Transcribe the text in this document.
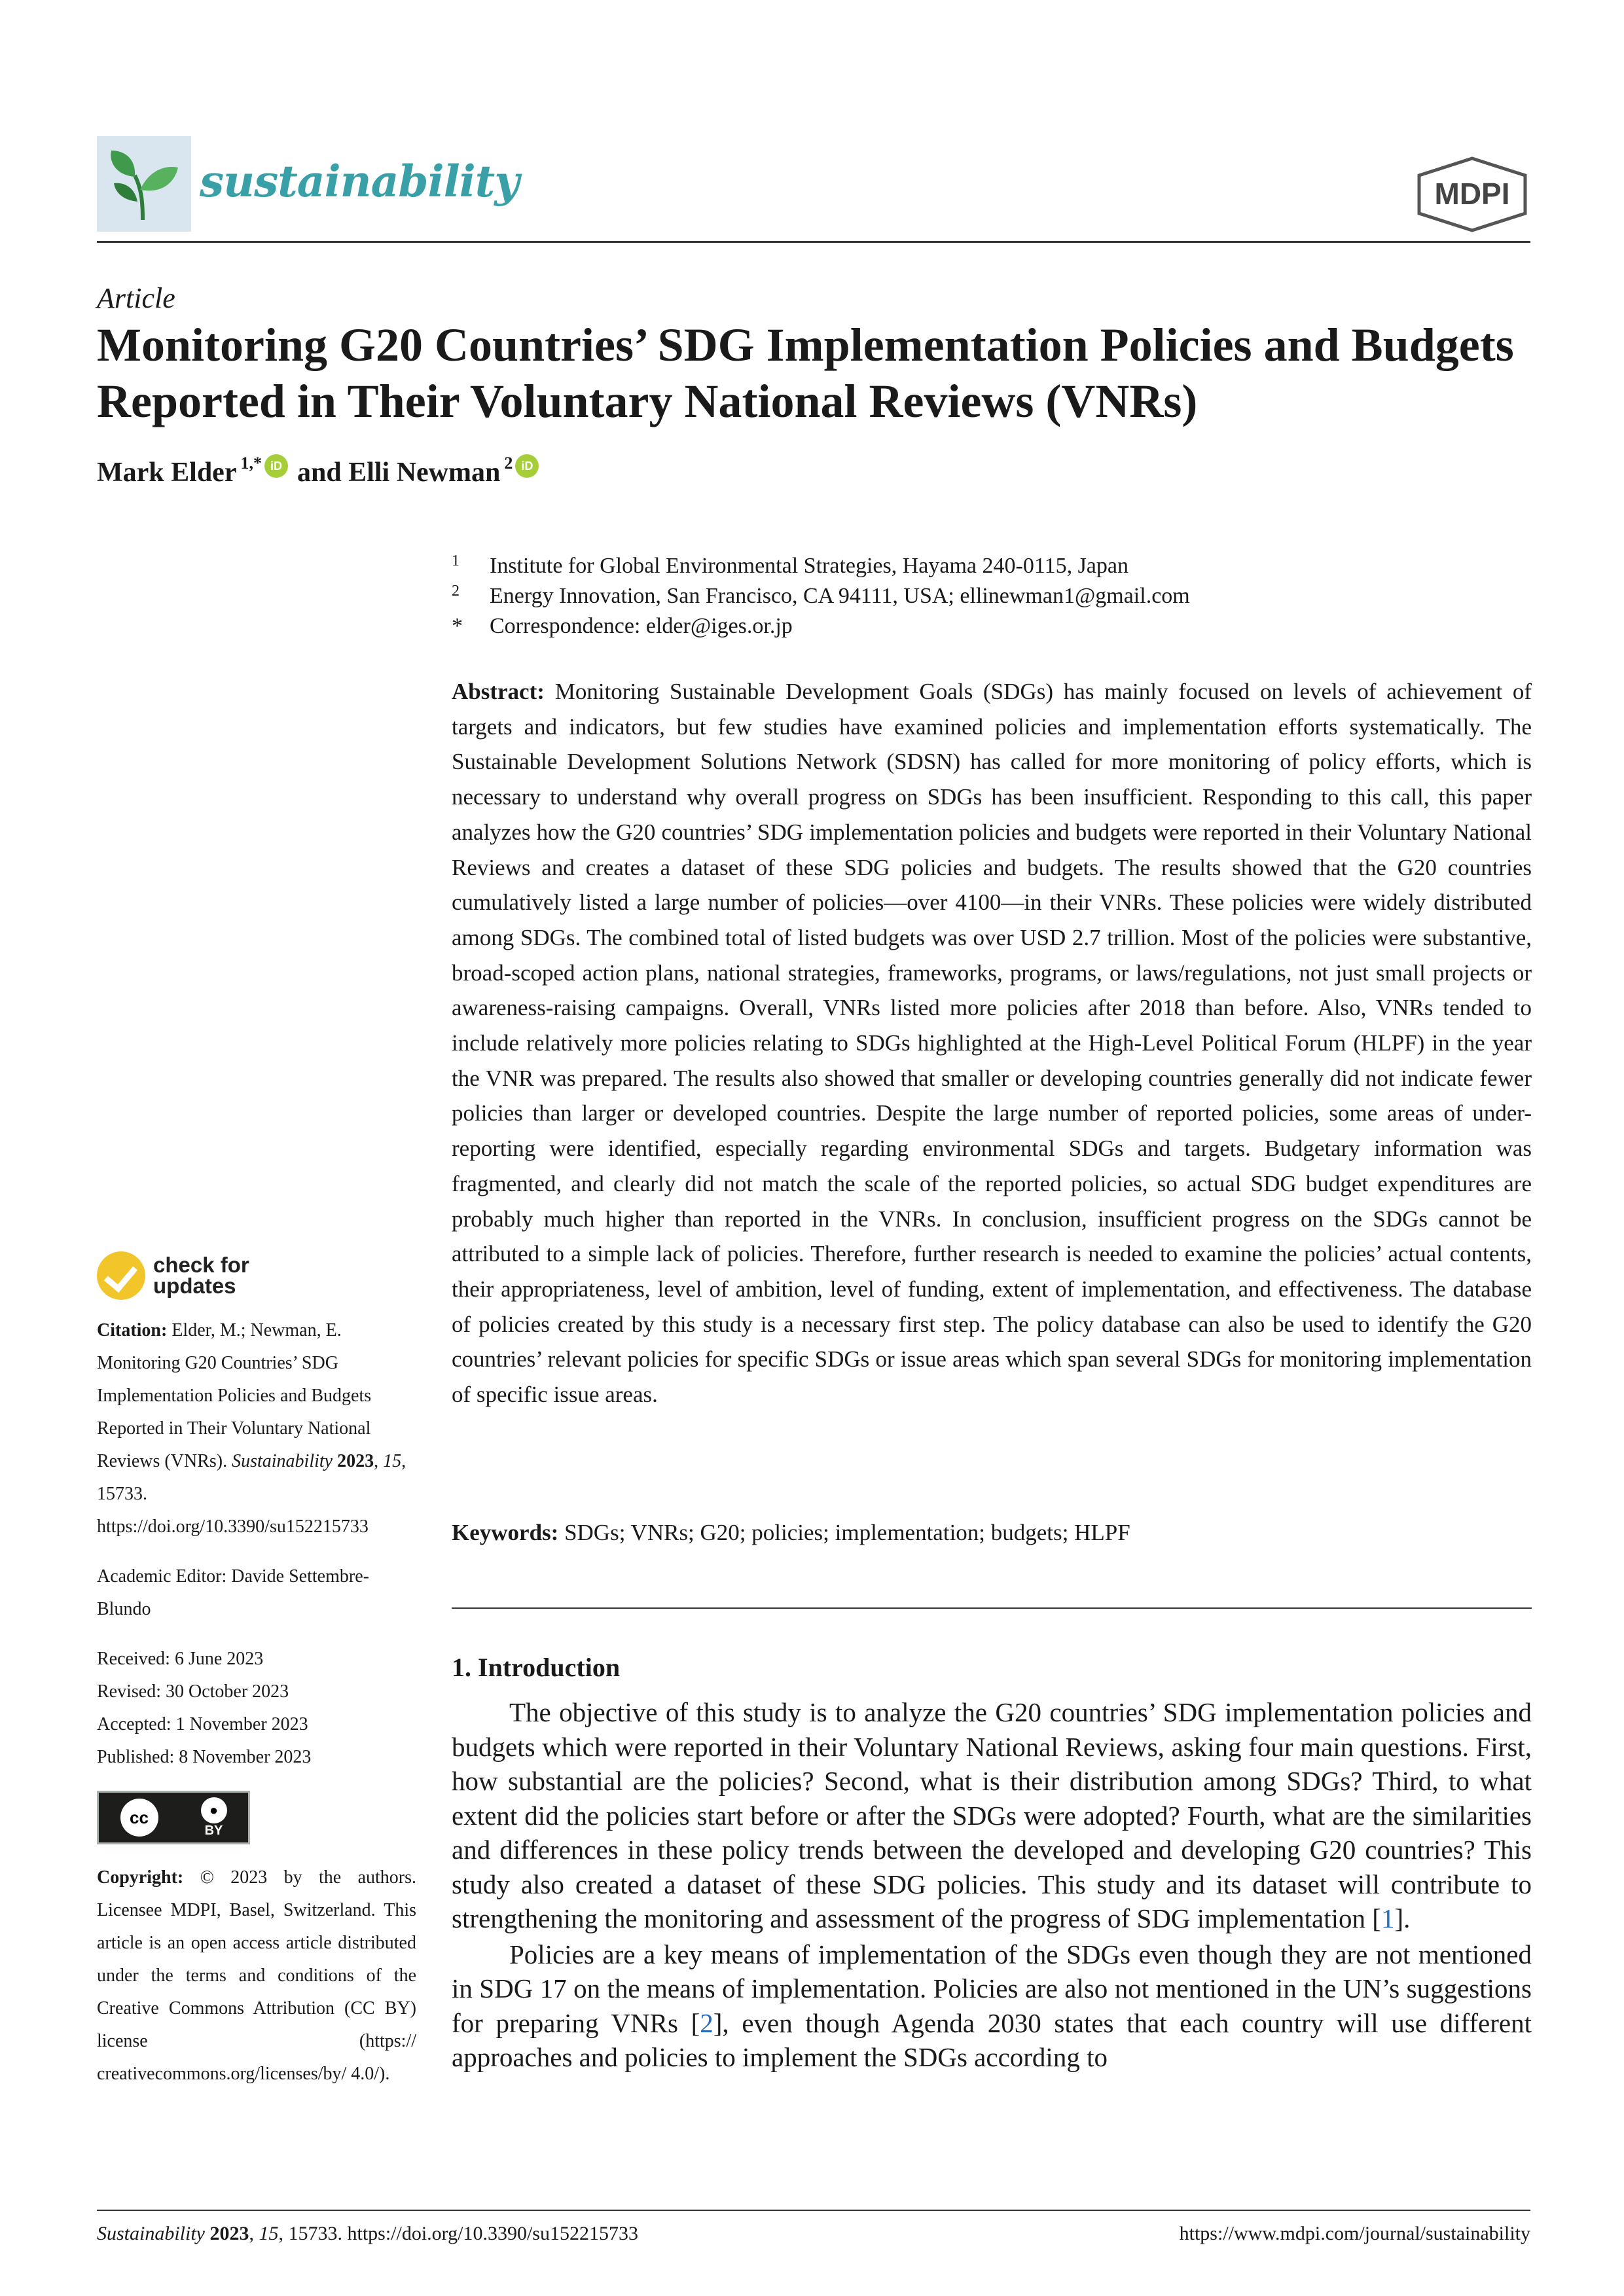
sustainability	MDPI
Article
Monitoring G20 Countries’ SDG Implementation Policies and Budgets Reported in Their Voluntary National Reviews (VNRs)
Mark Elder$^{1,*}$ iD and Elli Newman$^2$ iD
1	Institute for Global Environmental Strategies, Hayama 240-0115, Japan
2	Energy Innovation, San Francisco, CA 94111, USA; ellinewman1@gmail.com
*	Correspondence: elder@iges.or.jp
Abstract: Monitoring Sustainable Development Goals (SDGs) has mainly focused on levels of achievement of targets and indicators, but few studies have examined policies and implementation efforts systematically. The Sustainable Development Solutions Network (SDSN) has called for more monitoring of policy efforts, which is necessary to understand why overall progress on SDGs has been insufficient. Responding to this call, this paper analyzes how the G20 countries’ SDG implementation policies and budgets were reported in their Voluntary National Reviews and creates a dataset of these SDG policies and budgets. The results showed that the G20 countries cumulatively listed a large number of policies—over 4100—in their VNRs. These policies were widely distributed among SDGs. The combined total of listed budgets was over USD 2.7 trillion. Most of the policies were substantive, broad-scoped action plans, national strategies, frameworks, programs, or laws/regulations, not just small projects or awareness-raising campaigns. Overall, VNRs listed more policies after 2018 than before. Also, VNRs tended to include relatively more policies relating to SDGs highlighted at the High-Level Political Forum (HLPF) in the year the VNR was prepared. The results also showed that smaller or developing countries generally did not indicate fewer policies than larger or developed countries. Despite the large number of reported policies, some areas of under-reporting were identified, especially regarding environmental SDGs and targets. Budgetary information was fragmented, and clearly did not match the scale of the reported policies, so actual SDG budget expenditures are probably much higher than reported in the VNRs. In conclusion, insufficient progress on the SDGs cannot be attributed to a simple lack of policies. Therefore, further research is needed to examine the policies’ actual contents, their appropriateness, level of ambition, level of funding, extent of implementation, and effectiveness. The database of policies created by this study is a necessary first step. The policy database can also be used to identify the G20 countries’ relevant policies for specific SDGs or issue areas which span several SDGs for monitoring implementation of specific issue areas.
Keywords: SDGs; VNRs; G20; policies; implementation; budgets; HLPF
1. Introduction

The objective of this study is to analyze the G20 countries’ SDG implementation policies and budgets which were reported in their Voluntary National Reviews, asking four main questions. First, how substantial are the policies? Second, what is their distribution among SDGs? Third, to what extent did the policies start before or after the SDGs were adopted? Fourth, what are the similarities and differences in these policy trends between the developed and developing G20 countries? This study also created a dataset of these SDG policies. This study and its dataset will contribute to strengthening the monitoring and assessment of the progress of SDG implementation [1].

Policies are a key means of implementation of the SDGs even though they are not mentioned in SDG 17 on the means of implementation. Policies are also not mentioned in the UN’s suggestions for preparing VNRs [2], even though Agenda 2030 states that each country will use different approaches and policies to implement the SDGs according to

check for
updates
Citation: Elder, M.; Newman, E. Monitoring G20 Countries’ SDG Implementation Policies and Budgets Reported in Their Voluntary National Reviews (VNRs). Sustainability 2023, 15, 15733. https://doi.org/10.3390/su152215733
Academic Editor: Davide Settembre-Blundo
Received: 6 June 2023
Revised: 30 October 2023
Accepted: 1 November 2023
Published: 8 November 2023
cc	●
BY
Copyright: © 2023 by the authors. Licensee MDPI, Basel, Switzerland. This article is an open access article distributed under the terms and conditions of the Creative Commons Attribution (CC BY) license (https:// creativecommons.org/licenses/by/ 4.0/).
Sustainability 2023, 15, 15733. https://doi.org/10.3390/su152215733	https://www.mdpi.com/journal/sustainability
